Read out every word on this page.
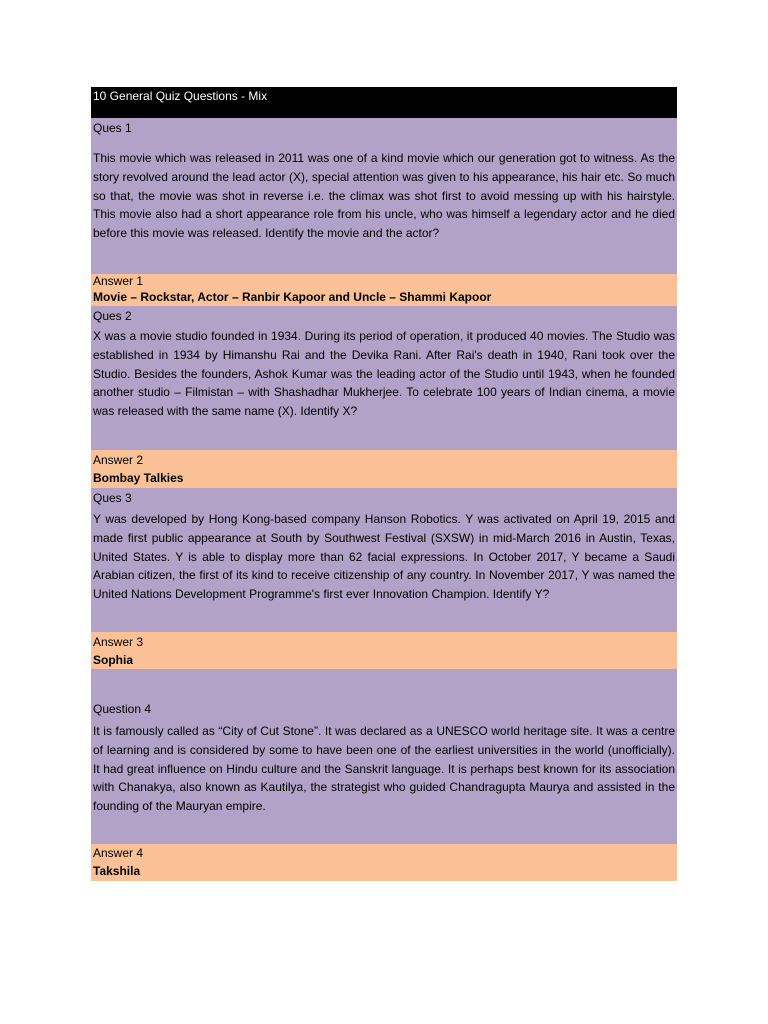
10 General Quiz Questions - Mix
Ques 1
This movie which was released in 2011 was one of a kind movie which our generation got to witness. As the story revolved around the lead actor (X), special attention was given to his appearance, his hair etc. So much so that, the movie was shot in reverse i.e. the climax was shot first to avoid messing up with his hairstyle. This movie also had a short appearance role from his uncle, who was himself a legendary actor and he died before this movie was released. Identify the movie and the actor?
Answer 1
Movie – Rockstar, Actor – Ranbir Kapoor and Uncle – Shammi Kapoor
Ques 2
X was a movie studio founded in 1934. During its period of operation, it produced 40 movies. The Studio was established in 1934 by Himanshu Rai and the Devika Rani. After Rai's death in 1940, Rani took over the Studio. Besides the founders, Ashok Kumar was the leading actor of the Studio until 1943, when he founded another studio – Filmistan – with Shashadhar Mukherjee. To celebrate 100 years of Indian cinema, a movie was released with the same name (X). Identify X?
Answer 2
Bombay Talkies
Ques 3
Y was developed by Hong Kong-based company Hanson Robotics. Y was activated on April 19, 2015 and made first public appearance at South by Southwest Festival (SXSW) in mid-March 2016 in Austin, Texas, United States. Y is able to display more than 62 facial expressions. In October 2017, Y became a Saudi Arabian citizen, the first of its kind to receive citizenship of any country. In November 2017, Y was named the United Nations Development Programme's first ever Innovation Champion. Identify Y?
Answer 3
Sophia
Question 4
It is famously called as “City of Cut Stone”. It was declared as a UNESCO world heritage site. It was a centre of learning and is considered by some to have been one of the earliest universities in the world (unofficially). It had great influence on Hindu culture and the Sanskrit language. It is perhaps best known for its association with Chanakya, also known as Kautilya, the strategist who guided Chandragupta Maurya and assisted in the founding of the Mauryan empire.
Answer 4
Takshila
